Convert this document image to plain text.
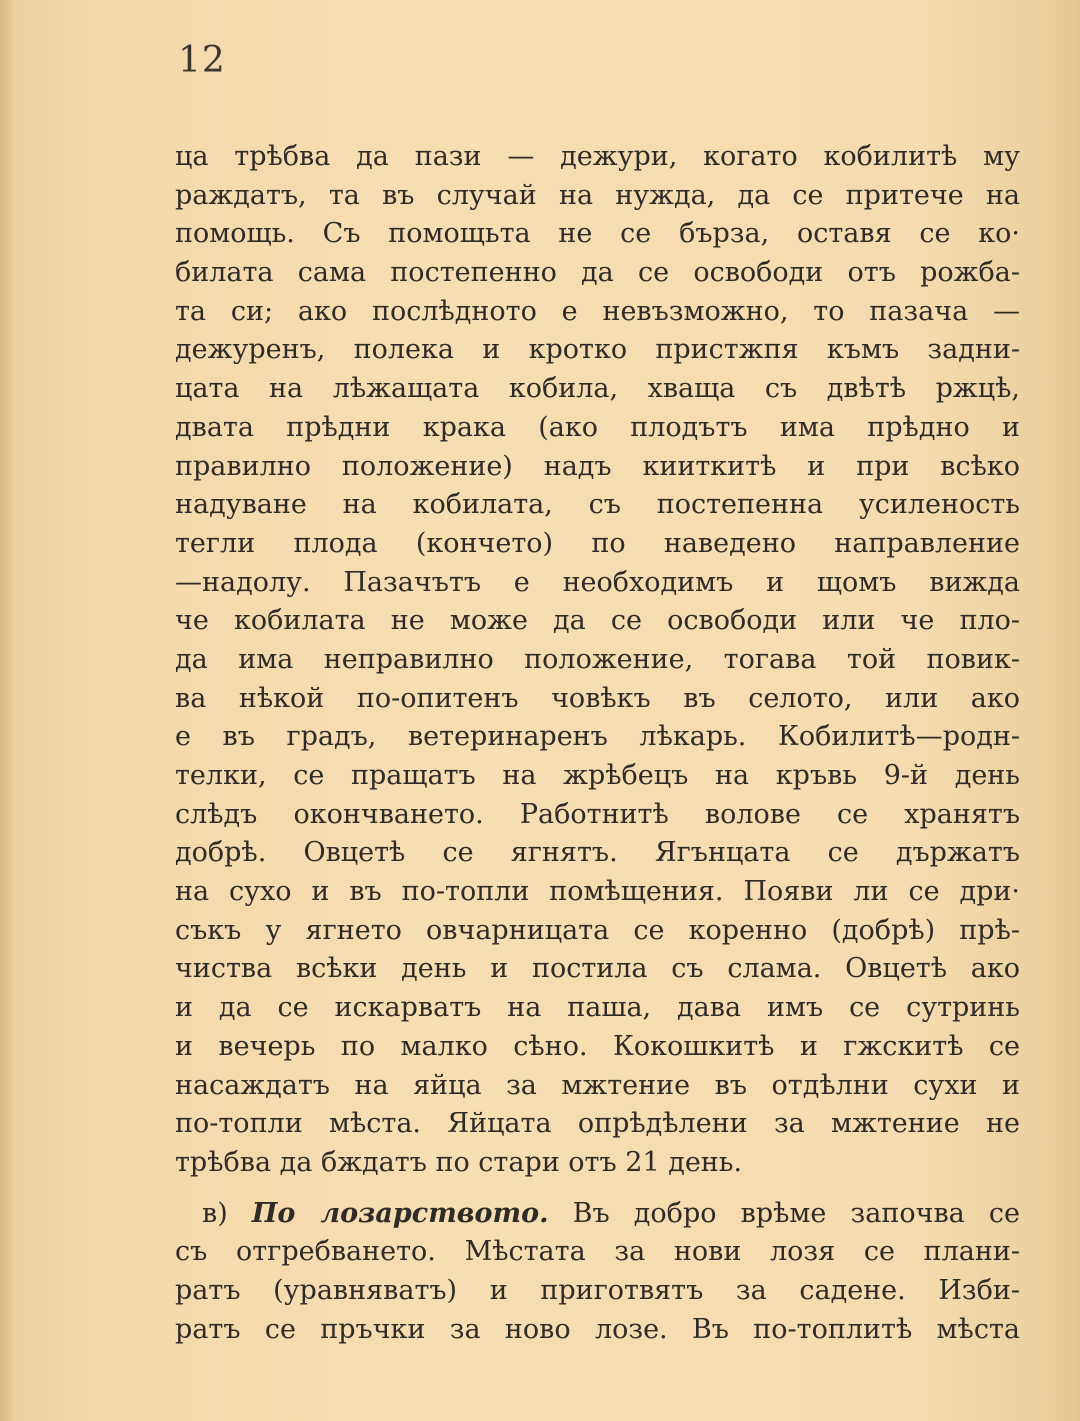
12
ца трѣбва да пази — дежури, когато кобилитѣ му
раждатъ, та въ случай на нужда, да се притече на
помощь. Съ помощьта не се бърза, оставя се ко·
билата сама постепенно да се освободи отъ рожба-
та си; ако послѣдното е невъзможно, то пазача —
дежуренъ, полека и кротко пристжпя къмъ задни-
цата на лѣжащата кобила, хваща съ двѣтѣ ржцѣ,
двата прѣдни крака (ако плодътъ има прѣдно и
правилно положение) надъ кииткитѣ и при всѣко
надуване на кобилата, съ постепенна усиленость
тегли плода (кончето) по наведено направление
—надолу. Пазачътъ е необходимъ и щомъ вижда
че кобилата не може да се освободи или че пло-
да има неправилно положение, тогава той повик-
ва нѣкой по-опитенъ човѣкъ въ селото, или ако
е въ градъ, ветеринаренъ лѣкарь. Кобилитѣ—родн-
телки, се пращатъ на жрѣбецъ на кръвь 9-й день
слѣдъ окончването. Работнитѣ волове се хранятъ
добрѣ. Овцетѣ се ягнятъ. Ягънцата се държатъ
на сухо и въ по-топли помѣщения. Появи ли се дри·
съкъ у ягнето овчарницата се коренно (добрѣ) прѣ-
чиства всѣки день и постила съ слама. Овцетѣ ако
и да се искарватъ на паша, дава имъ се сутринь
и вечерь по малко сѣно. Кокошкитѣ и гжскитѣ се
насаждатъ на яйца за мжтение въ отдѣлни сухи и
по-топли мѣста. Яйцата опрѣдѣлени за мжтение не
трѣбва да бждатъ по стари отъ 21 день.
в) По лозарството. Въ добро врѣме започва се
съ отгребването. Мѣстата за нови лозя се плани-
ратъ (уравняватъ) и приготвятъ за садене. Изби-
ратъ се пръчки за ново лозе. Въ по-топлитѣ мѣста
